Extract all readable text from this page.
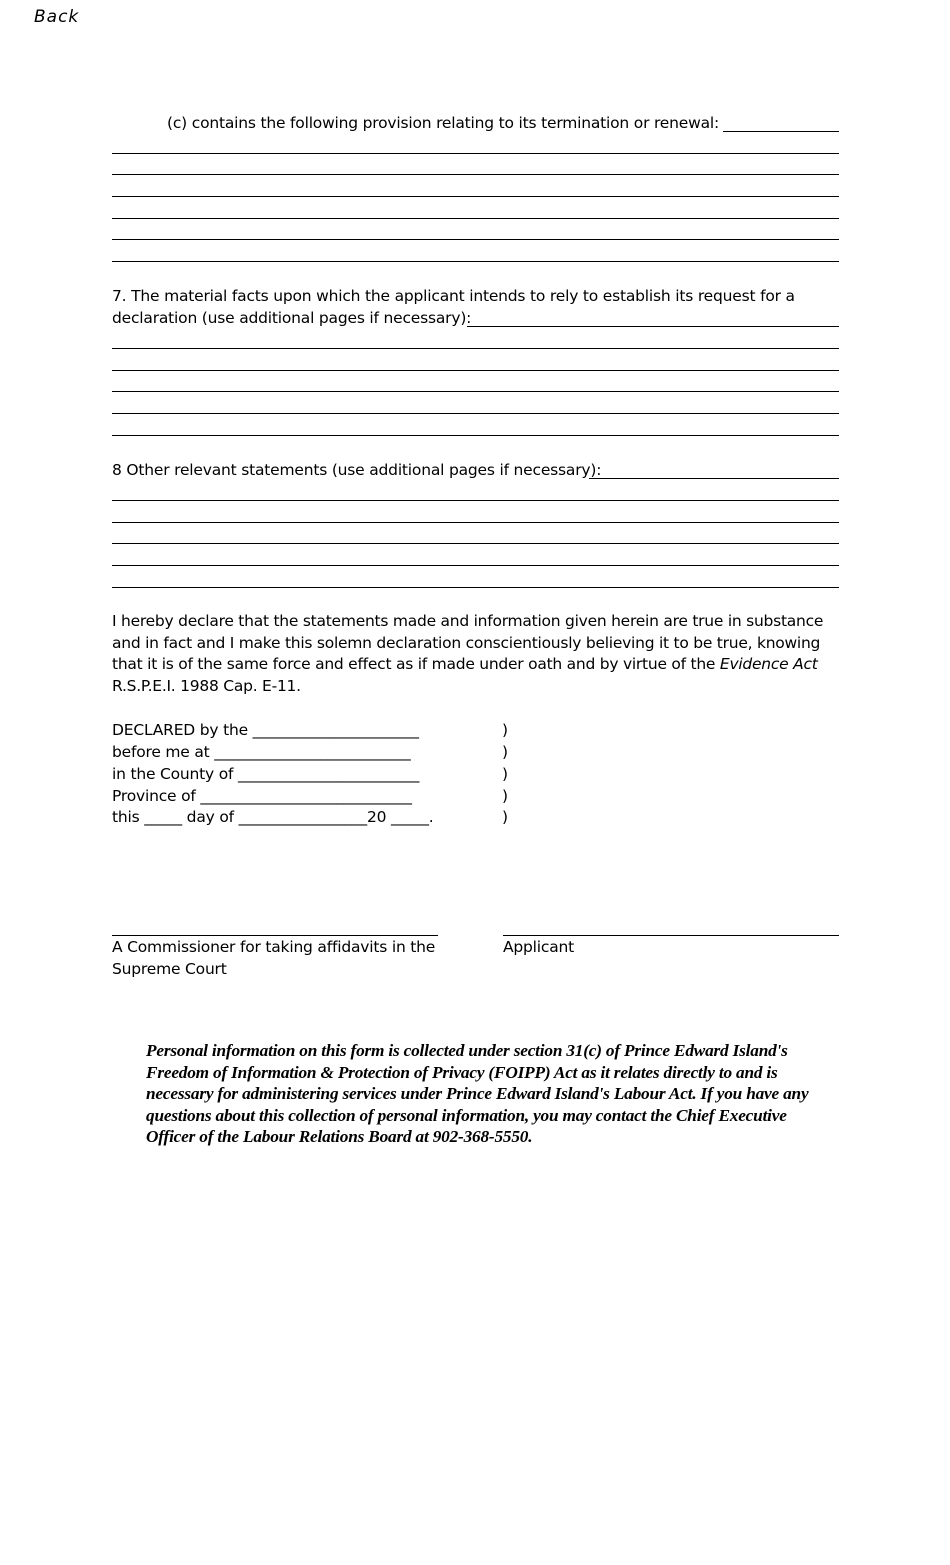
Back
(c) contains the following provision relating to its termination or renewal:
7. The material facts upon which the applicant intends to rely to establish its request for a
declaration (use additional pages if necessary):
8 Other relevant statements (use additional pages if necessary):
I hereby declare that the statements made and information given herein are true in substance and in fact and I make this solemn declaration conscientiously believing it to be true, knowing that it is of the same force and effect as if made under oath and by virtue of the Evidence Act R.S.P.E.I. 1988 Cap. E-11.
DECLARED by the ______________________
before me at __________________________
in the County of ________________________
Province of ____________________________
this _____ day of _________________20 _____.
)
)
)
)
)
A Commissioner for taking affidavits in the
Supreme Court
Applicant
Personal information on this form is collected under section 31(c) of Prince Edward Island's Freedom of Information & Protection of Privacy (FOIPP) Act as it relates directly to and is necessary for administering services under Prince Edward Island's Labour Act. If you have any questions about this collection of personal information, you may contact the Chief Executive Officer of the Labour Relations Board at 902-368-5550.
